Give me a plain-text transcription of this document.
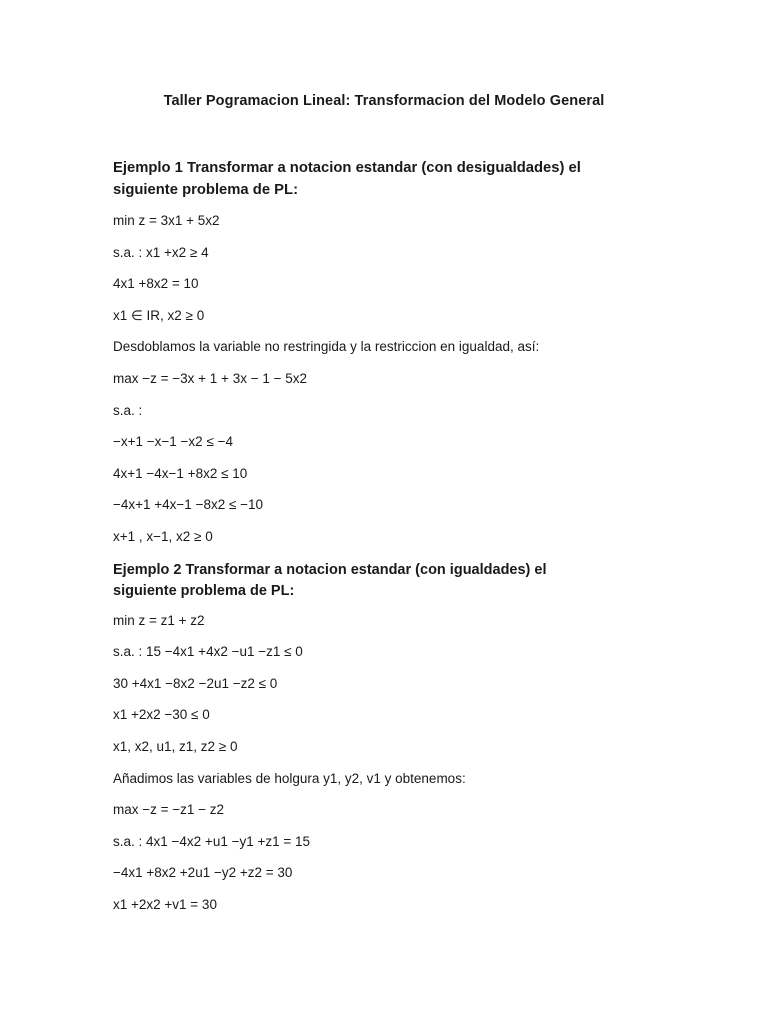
Taller Pogramacion Lineal: Transformacion del Modelo General
Ejemplo 1 Transformar a notacion estandar (con desigualdades) el siguiente problema de PL:
min z = 3x1 + 5x2
s.a. : x1 +x2 ≥ 4
4x1 +8x2 = 10
x1 ∈ IR, x2 ≥ 0
Desdoblamos la variable no restringida y la restriccion en igualdad, así:
max −z = −3x + 1 + 3x − 1 − 5x2
s.a. :
−x+1 −x−1 −x2 ≤ −4
4x+1 −4x−1 +8x2 ≤ 10
−4x+1 +4x−1 −8x2 ≤ −10
x+1 , x−1, x2 ≥ 0
Ejemplo 2 Transformar a notacion estandar (con igualdades) el siguiente problema de PL:
min z = z1 + z2
s.a. : 15 −4x1 +4x2 −u1 −z1 ≤ 0
30 +4x1 −8x2 −2u1 −z2 ≤ 0
x1 +2x2 −30 ≤ 0
x1, x2, u1, z1, z2 ≥ 0
Añadimos las variables de holgura y1, y2, v1 y obtenemos:
max −z = −z1 − z2
s.a. : 4x1 −4x2 +u1 −y1 +z1 = 15
−4x1 +8x2 +2u1 −y2 +z2 = 30
x1 +2x2 +v1 = 30
